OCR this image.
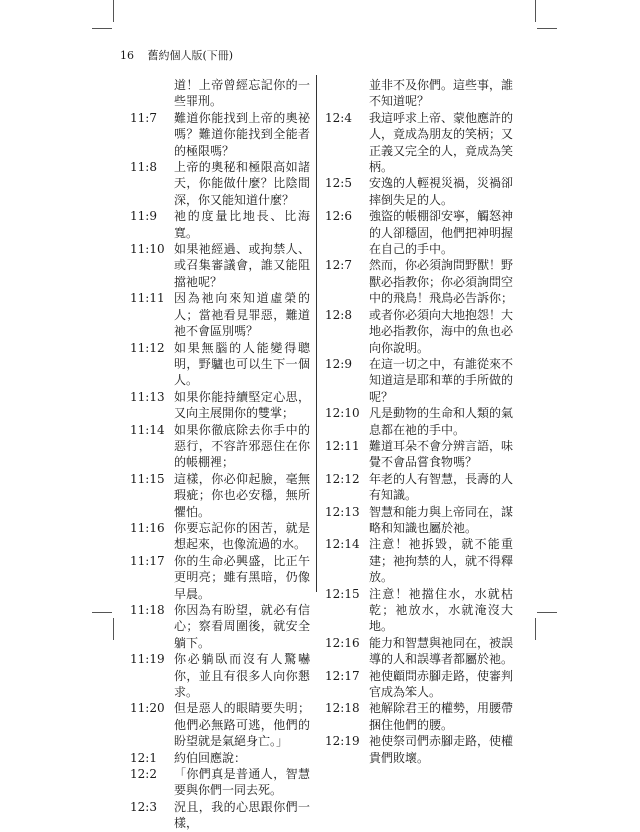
16 舊約個人版(下冊)
道！上帝曾經忘記你的一些罪刑。
11:7	難道你能找到上帝的奧祕嗎？難道你能找到全能者的極限嗎？
11:8	上帝的奧秘和極限高如諸天，你能做什麼？比陰間深，你又能知道什麼？
11:9	祂的度量比地長、比海寬。
11:10 如果祂經過、或拘禁人、或召集審議會，誰又能阻擋祂呢？
11:11 因為祂向來知道虛榮的人；當祂看見罪惡，難道祂不會區別嗎？
11:12 如果無腦的人能變得聰明，野驢也可以生下一個人。
11:13 如果你能持續堅定心思，又向主展開你的雙掌；
11:14 如果你徹底除去你手中的惡行，不容許邪惡住在你的帳棚裡；
11:15 這樣，你必仰起臉，毫無瑕疵；你也必安穩，無所懼怕。
11:16 你要忘記你的困苦，就是想起來，也像流過的水。
11:17 你的生命必興盛，比正午更明亮；雖有黑暗，仍像早晨。
11:18 你因為有盼望，就必有信心；察看周圍後，就安全躺下。
11:19 你必躺臥而沒有人驚嚇你，並且有很多人向你懇求。
11:20 但是惡人的眼睛要失明；他們必無路可逃，他們的盼望就是氣絕身亡。」
12:1	約伯回應說：
12:2	「你們真是普通人，智慧要與你們一同去死。
12:3	況且，我的心思跟你們一樣，
並非不及你們。這些事，誰不知道呢？
12:4	我這呼求上帝、蒙他應許的人，竟成為朋友的笑柄；又正義又完全的人，竟成為笑柄。
12:5	安逸的人輕視災禍，災禍卻摔倒失足的人。
12:6	強盜的帳棚卻安寧，觸怒神的人卻穩固，他們把神明握在自己的手中。
12:7	然而，你必須詢問野獸！野獸必指教你；你必須詢問空中的飛鳥！飛鳥必告訴你；
12:8	或者你必須向大地抱怨！大地必指教你，海中的魚也必向你說明。
12:9	在這一切之中，有誰從來不知道這是耶和華的手所做的呢？
12:10 凡是動物的生命和人類的氣息都在祂的手中。
12:11 難道耳朵不會分辨言語，味覺不會品嘗食物嗎？
12:12 年老的人有智慧，長壽的人有知識。
12:13 智慧和能力與上帝同在，謀略和知識也屬於祂。
12:14 注意！祂拆毀，就不能重建；祂拘禁的人，就不得釋放。
12:15 注意！祂擋住水，水就枯乾；祂放水，水就淹沒大地。
12:16 能力和智慧與祂同在，被誤導的人和誤導者都屬於祂。
12:17 祂使顧問赤腳走路，使審判官成為笨人。
12:18 祂解除君王的權勢，用腰帶捆住他們的腰。
12:19 祂使祭司們赤腳走路，使權貴們敗壞。
